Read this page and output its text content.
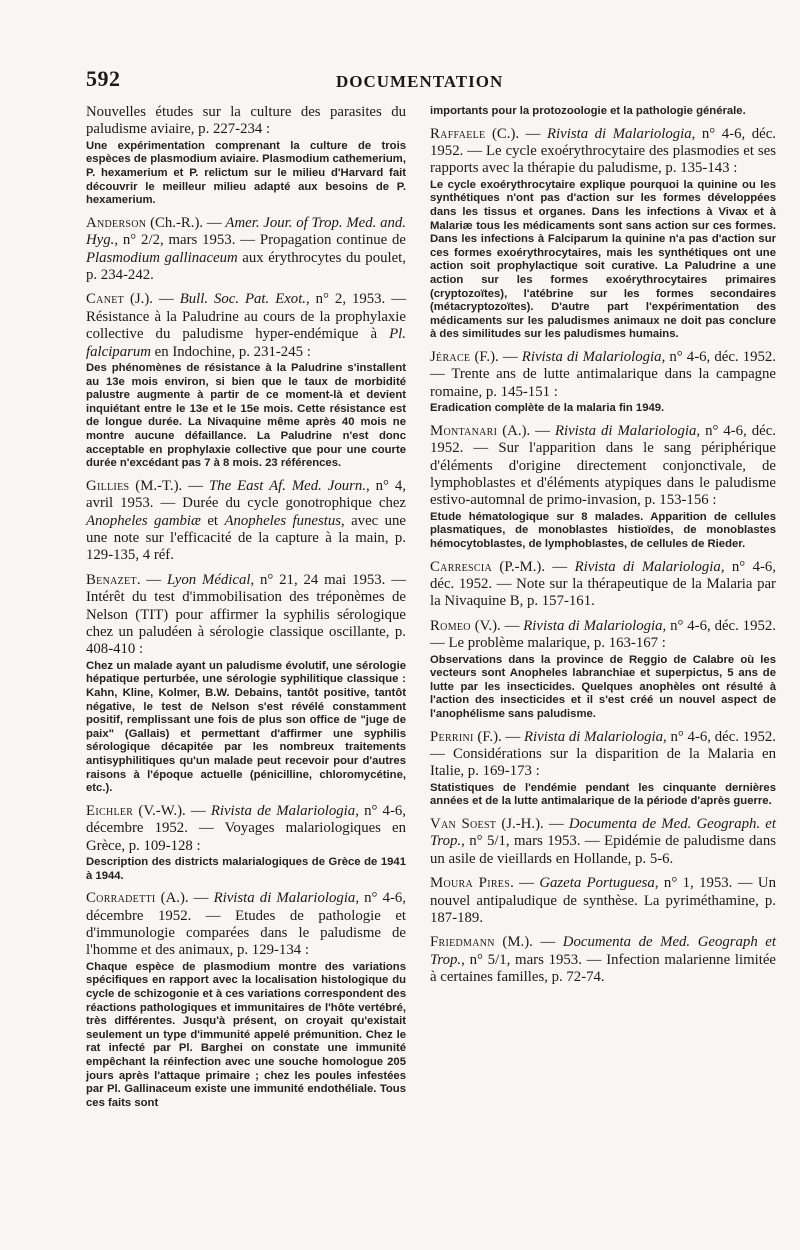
592	DOCUMENTATION
Nouvelles études sur la culture des parasites du paludisme aviaire, p. 227-234 :
Une expérimentation comprenant la culture de trois espèces de plasmodium aviaire. Plasmodium cathemerium, P. hexamerium et P. relictum sur le milieu d'Harvard fait découvrir le meilleur milieu adapté aux besoins de P. hexamerium.
Anderson (Ch.-R.). — Amer. Jour. of Trop. Med. and. Hyg., n° 2/2, mars 1953. — Propagation continue de Plasmodium gallinaceum aux érythrocytes du poulet, p. 234-242.
Canet (J.). — Bull. Soc. Pat. Exot., n° 2, 1953. — Résistance à la Paludrine au cours de la prophylaxie collective du paludisme hyper-endémique à Pl. falciparum en Indochine, p. 231-245 :
Des phénomènes de résistance à la Paludrine s'installent au 13e mois environ, si bien que le taux de morbidité palustre augmente à partir de ce moment-là et devient inquiétant entre le 13e et le 15e mois. Cette résistance est de longue durée. La Nivaquine même après 40 mois ne montre aucune défaillance. La Paludrine n'est donc acceptable en prophylaxie collective que pour une courte durée n'excédant pas 7 à 8 mois. 23 références.
Gillies (M.-T.). — The East Af. Med. Journ., n° 4, avril 1953. — Durée du cycle gonotrophique chez Anopheles gambiæ et Anopheles funestus, avec une une note sur l'efficacité de la capture à la main, p. 129-135, 4 réf.
Benazet. — Lyon Médical, n° 21, 24 mai 1953. — Intérêt du test d'immobilisation des tréponèmes de Nelson (TIT) pour affirmer la syphilis sérologique chez un paludéen à sérologie classique oscillante, p. 408-410 :
Chez un malade ayant un paludisme évolutif, une sérologie hépatique perturbée, une sérologie syphilitique classique : Kahn, Kline, Kolmer, B.W. Debains, tantôt positive, tantôt négative, le test de Nelson s'est révélé constamment positif, remplissant une fois de plus son office de "juge de paix" (Gallais) et permettant d'affirmer une syphilis sérologique décapitée par les nombreux traitements antisyphilitiques qu'un malade peut recevoir pour d'autres raisons à l'époque actuelle (pénicilline, chloromycétine, etc.).
Eichler (V.-W.). — Rivista de Malariologia, n° 4-6, décembre 1952. — Voyages malariologiques en Grèce, p. 109-128 :
Description des districts malarialogiques de Grèce de 1941 à 1944.
Corradetti (A.). — Rivista di Malariologia, n° 4-6, décembre 1952. — Etudes de pathologie et d'immunologie comparées dans le paludisme de l'homme et des animaux, p. 129-134 :
Chaque espèce de plasmodium montre des variations spécifiques en rapport avec la localisation histologique du cycle de schizogonie et à ces variations correspondent des réactions pathologiques et immunitaires de l'hôte vertébré, très différentes. Jusqu'à présent, on croyait qu'existait seulement un type d'immunité appelé prémunition. Chez le rat infecté par Pl. Barghei on constate une immunité empêchant la réinfection avec une souche homologue 205 jours après l'attaque primaire ; chez les poules infestées par Pl. Gallinaceum existe une immunité endothéliale. Tous ces faits sont
importants pour la protozoologie et la pathologie générale.
Raffaele (C.). — Rivista di Malariologia, n° 4-6, déc. 1952. — Le cycle exoérythrocytaire des plasmodies et ses rapports avec la thérapie du paludisme, p. 135-143 :
Le cycle exoérythrocytaire explique pourquoi la quinine ou les synthétiques n'ont pas d'action sur les formes développées dans les tissus et organes. Dans les infections à Vivax et à Malariæ tous les médicaments sont sans action sur ces formes. Dans les infections à Falciparum la quinine n'a pas d'action sur ces formes exoérythrocytaires, mais les synthétiques ont une action soit prophylactique soit curative. La Paludrine a une action sur les formes exoérythrocytaires primaires (cryptozoïtes), l'atébrine sur les formes secondaires (métacryptozoïtes). D'autre part l'expérimentation des médicaments sur les paludismes animaux ne doit pas conclure à des similitudes sur les paludismes humains.
Jérace (F.). — Rivista di Malariologia, n° 4-6, déc. 1952. — Trente ans de lutte antimalarique dans la campagne romaine, p. 145-151 :
Eradication complète de la malaria fin 1949.
Montanari (A.). — Rivista di Malariologia, n° 4-6, déc. 1952. — Sur l'apparition dans le sang périphérique d'éléments d'origine directement conjonctivale, de lymphoblastes et d'éléments atypiques dans le paludisme estivo-automnal de primo-invasion, p. 153-156 :
Etude hématologique sur 8 malades. Apparition de cellules plasmatiques, de monoblastes histioïdes, de monoblastes hémocytoblastes, de lymphoblastes, de cellules de Rieder.
Carrescia (P.-M.). — Rivista di Malariologia, n° 4-6, déc. 1952. — Note sur la thérapeutique de la Malaria par la Nivaquine B, p. 157-161.
Romeo (V.). — Rivista di Malariologia, n° 4-6, déc. 1952. — Le problème malarique, p. 163-167 :
Observations dans la province de Reggio de Calabre où les vecteurs sont Anopheles labranchiae et superpictus, 5 ans de lutte par les insecticides. Quelques anophèles ont résulté à l'action des insecticides et il s'est créé un nouvel aspect de l'anophélisme sans paludisme.
Perrini (F.). — Rivista di Malariologia, n° 4-6, déc. 1952. — Considérations sur la disparition de la Malaria en Italie, p. 169-173 :
Statistiques de l'endémie pendant les cinquante dernières années et de la lutte antimalarique de la période d'après guerre.
Van Soest (J.-H.). — Documenta de Med. Geograph. et Trop., n° 5/1, mars 1953. — Epidémie de paludisme dans un asile de vieillards en Hollande, p. 5-6.
Moura Pires. — Gazeta Portuguesa, n° 1, 1953. — Un nouvel antipaludique de synthèse. La pyriméthamine, p. 187-189.
Friedmann (M.). — Documenta de Med. Geograph et Trop., n° 5/1, mars 1953. — Infection malarienne limitée à certaines familles, p. 72-74.
